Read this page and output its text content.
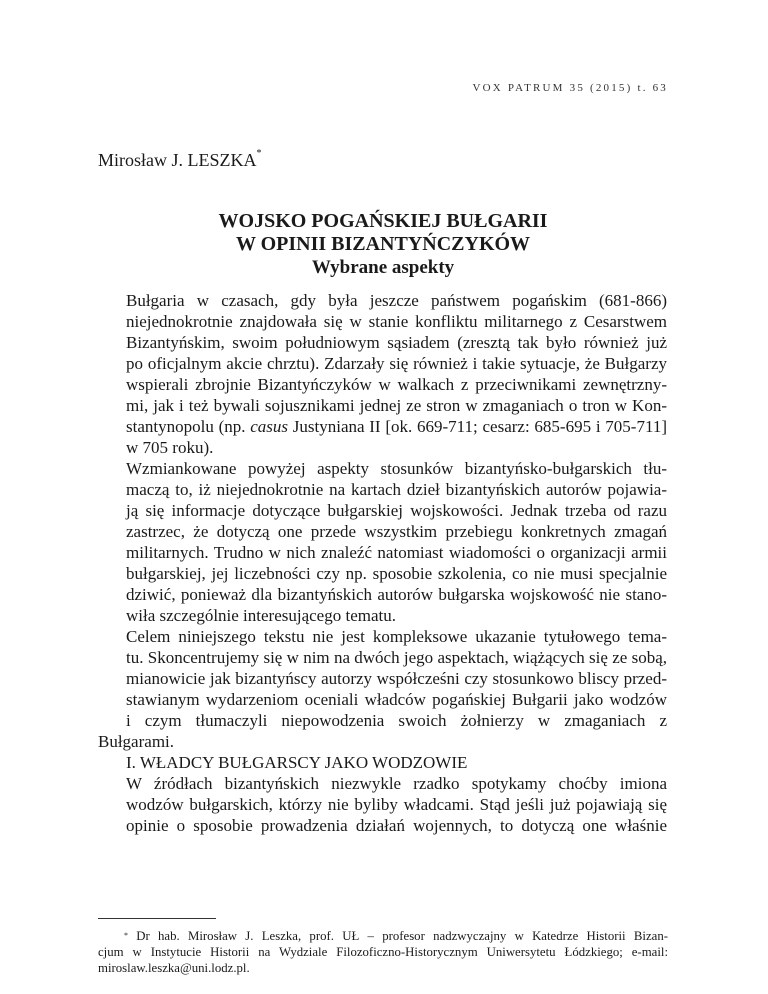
VOX PATRUM 35 (2015) t. 63
Mirosław J. LESZKA*
WOJSKO POGAŃSKIEJ BUŁGARII
W OPINII BIZANTYŃCZYKÓW
Wybrane aspekty

Bułgaria w czasach, gdy była jeszcze państwem pogańskim (681-866)
niejednokrotnie znajdowała się w stanie konfliktu militarnego z Cesarstwem
Bizantyńskim, swoim południowym sąsiadem (zresztą tak było również już
po oficjalnym akcie chrztu). Zdarzały się również i takie sytuacje, że Bułgarzy
wspierali zbrojnie Bizantyńczyków w walkach z przeciwnikami zewnętrzny-
mi, jak i też bywali sojusznikami jednej ze stron w zmaganiach o tron w Kon-
stantynopolu (np. casus Justyniana II [ok. 669-711; cesarz: 685-695 i 705-711]
w 705 roku).

Wzmiankowane powyżej aspekty stosunków bizantyńsko-bułgarskich tłu-
maczą to, iż niejednokrotnie na kartach dzieł bizantyńskich autorów pojawia-
ją się informacje dotyczące bułgarskiej wojskowości. Jednak trzeba od razu
zastrzec, że dotyczą one przede wszystkim przebiegu konkretnych zmagań
militarnych. Trudno w nich znaleźć natomiast wiadomości o organizacji armii
bułgarskiej, jej liczebności czy np. sposobie szkolenia, co nie musi specjalnie
dziwić, ponieważ dla bizantyńskich autorów bułgarska wojskowość nie stano-
wiła szczególnie interesującego tematu.

Celem niniejszego tekstu nie jest kompleksowe ukazanie tytułowego tema-
tu. Skoncentrujemy się w nim na dwóch jego aspektach, wiążących się ze sobą,
mianowicie jak bizantyńscy autorzy współcześni czy stosunkowo bliscy przed-
stawianym wydarzeniom oceniali władców pogańskiej Bułgarii jako wodzów
i czym tłumaczyli niepowodzenia swoich żołnierzy w zmaganiach z Bułgarami.

I. WŁADCY BUŁGARSCY JAKO WODZOWIE

W źródłach bizantyńskich niezwykle rzadko spotykamy choćby imiona
wodzów bułgarskich, którzy nie byliby władcami. Stąd jeśli już pojawiają się
opinie o sposobie prowadzenia działań wojennych, to dotyczą one właśnie

* Dr hab. Mirosław J. Leszka, prof. UŁ – profesor nadzwyczajny w Katedrze Historii Bizan-
cjum w Instytucie Historii na Wydziale Filozoficzno-Historycznym Uniwersytetu Łódzkiego; e-mail:
miroslaw.leszka@uni.lodz.pl.
